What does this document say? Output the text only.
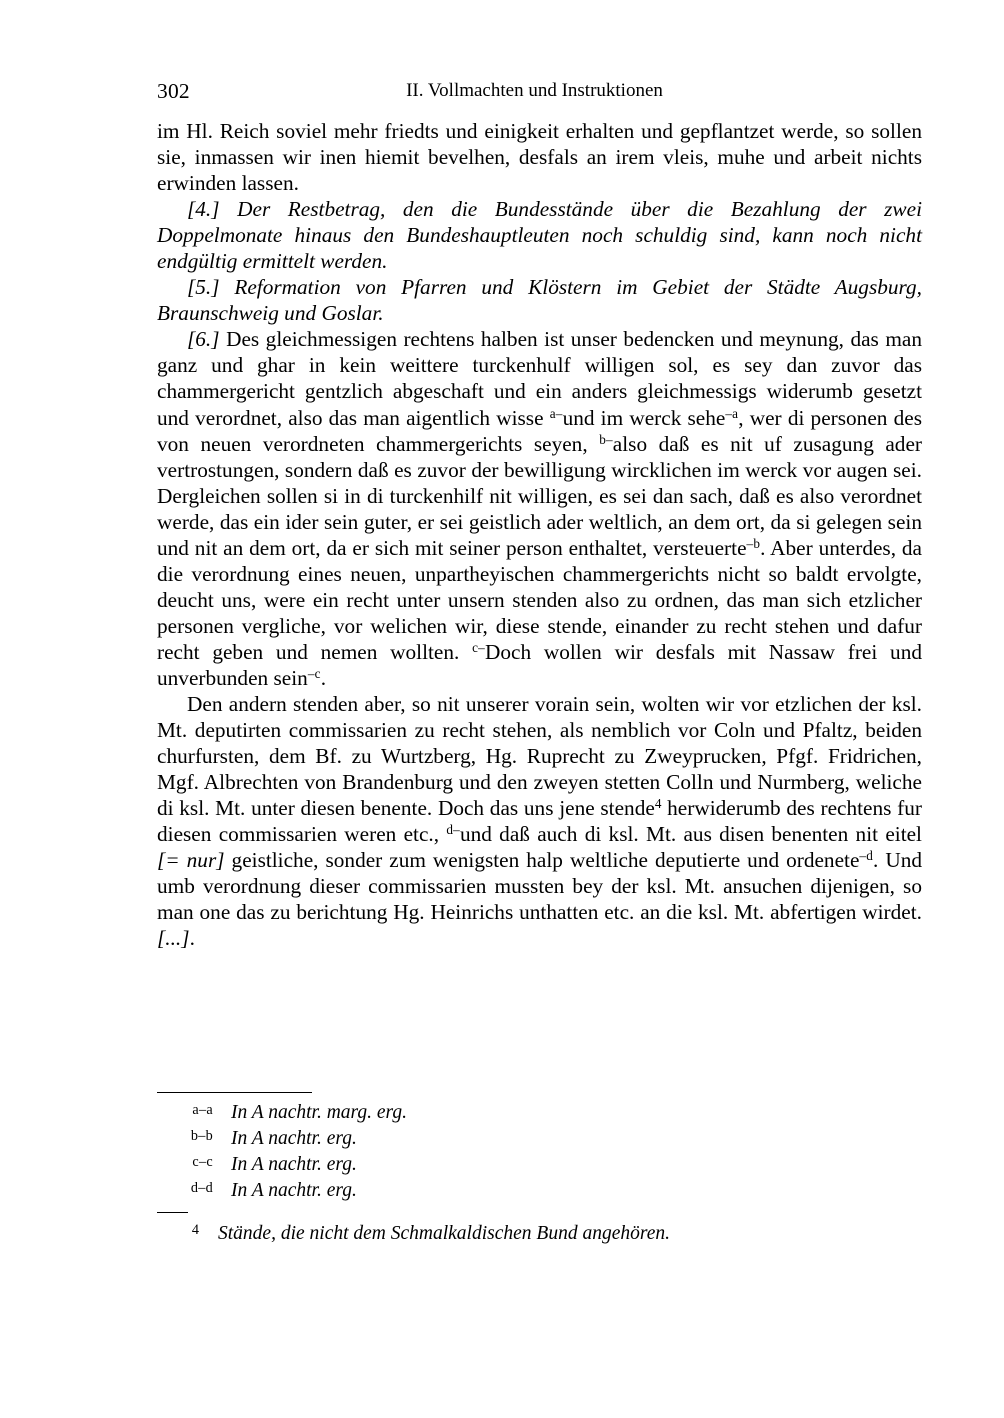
302	II. Vollmachten und Instruktionen

im Hl. Reich soviel mehr friedts und einigkeit erhalten und gepflantzet werde, so sollen sie, inmassen wir inen hiemit bevelhen, desfals an irem vleis, muhe und arbeit nichts erwinden lassen.

[4.] Der Restbetrag, den die Bundesstände über die Bezahlung der zwei Doppelmonate hinaus den Bundeshauptleuten noch schuldig sind, kann noch nicht endgültig ermittelt werden.

[5.] Reformation von Pfarren und Klöstern im Gebiet der Städte Augsburg, Braunschweig und Goslar.

[6.] Des gleichmessigen rechtens halben ist unser bedencken und meynung, das man ganz und ghar in kein weittere turckenhulf willigen sol, es sey dan zuvor das chammergericht gentzlich abgeschaft und ein anders gleichmessigs widerumb gesetzt und verordnet, also das man aigentlich wisse $^{a-}$und im werck sehe$^{-a}$, wer di personen des von neuen verordneten chammergerichts seyen, $^{b-}$also daß es nit uf zusagung ader vertrostungen, sondern daß es zuvor der bewilligung wircklichen im werck vor augen sei. Dergleichen sollen si in di turckenhilf nit willigen, es sei dan sach, daß es also verordnet werde, das ein ider sein guter, er sei geistlich ader weltlich, an dem ort, da si gelegen sein und nit an dem ort, da er sich mit seiner person enthaltet, versteuerte$^{-b}$. Aber unterdes, da die verordnung eines neuen, unpartheyischen chammergerichts nicht so baldt ervolgte, deucht uns, were ein recht unter unsern stenden also zu ordnen, das man sich etzlicher personen vergliche, vor welichen wir, diese stende, einander zu recht stehen und dafur recht geben und nemen wollten. $^{c-}$Doch wollen wir desfals mit Nassaw frei und unverbunden sein$^{-c}$.

Den andern stenden aber, so nit unserer vorain sein, wolten wir vor etzlichen der ksl. Mt. deputirten commissarien zu recht stehen, als nemblich vor Coln und Pfaltz, beiden churfursten, dem Bf. zu Wurtzberg, Hg. Ruprecht zu Zweyprucken, Pfgf. Fridrichen, Mgf. Albrechten von Brandenburg und den zweyen stetten Colln und Nurmberg, weliche di ksl. Mt. unter diesen benente. Doch das uns jene stende$^4$ herwiderumb des rechtens fur diesen commissarien weren etc., $^{d-}$und daß auch di ksl. Mt. aus disen benenten nit eitel [= nur] geistliche, sonder zum wenigsten halp weltliche deputierte und ordenete$^{-d}$. Und umb verordnung dieser commissarien mussten bey der ksl. Mt. ansuchen dijenigen, so man one das zu berichtung Hg. Heinrichs unthatten etc. an die ksl. Mt. abfertigen wirdet. [...].

a–a In A nachtr. marg. erg.
b–b In A nachtr. erg.
c–c In A nachtr. erg.
d–d In A nachtr. erg.
4 Stände, die nicht dem Schmalkaldischen Bund angehören.
